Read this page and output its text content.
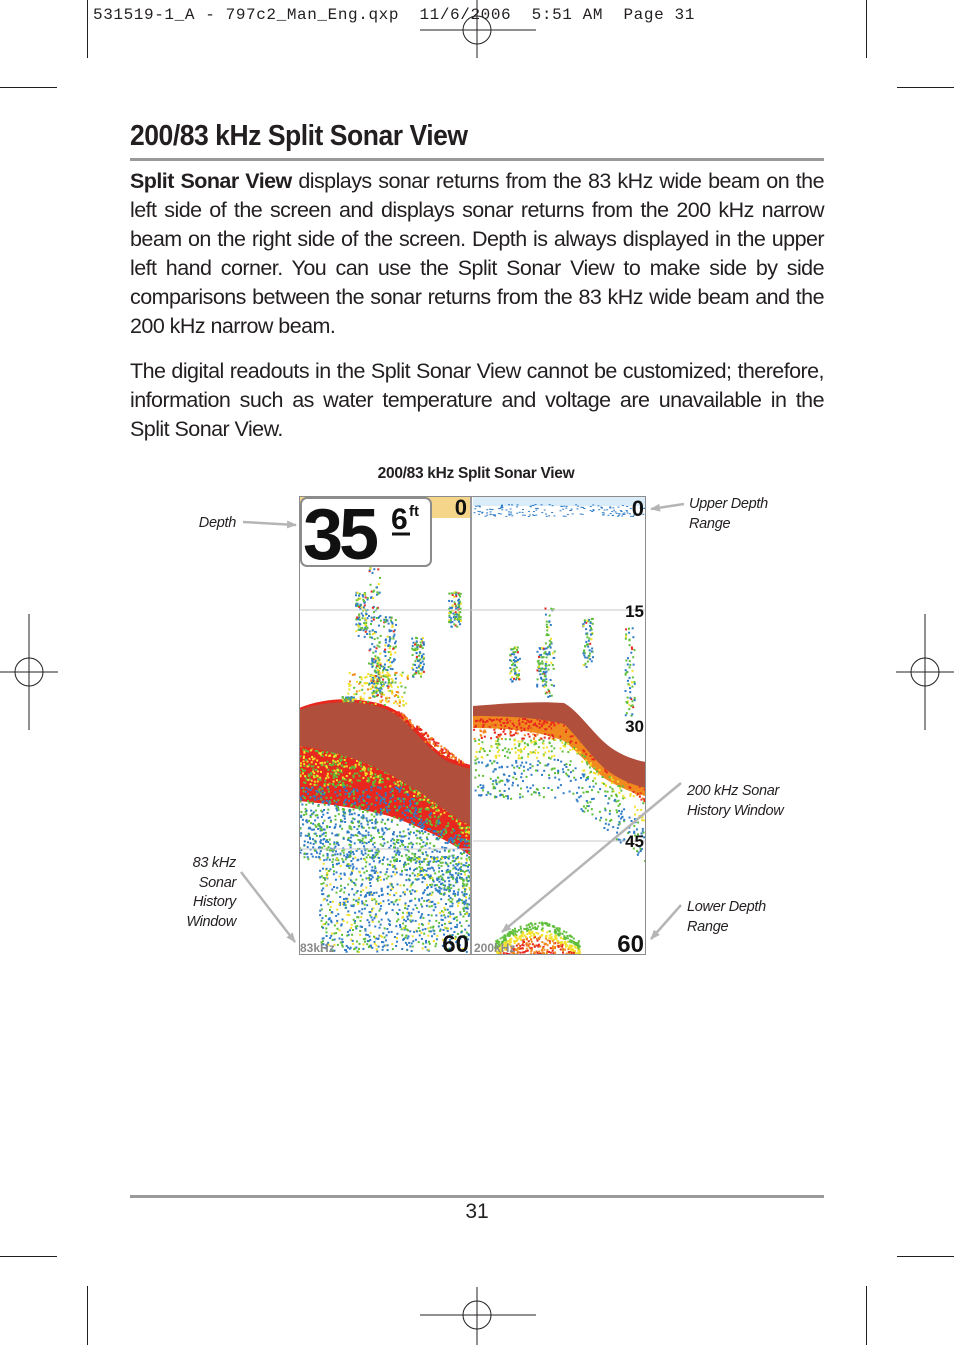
531519-1_A - 797c2_Man_Eng.qxp  11/6/2006  5:51 AM  Page 31
200/83 kHz Split Sonar View

Split Sonar View displays sonar returns from the 83 kHz wide beam on the left side of the screen and displays sonar returns from the 200 kHz narrow beam on the right side of the screen. Depth is always displayed in the upper left hand corner. You can use the Split Sonar View to make side by side comparisons between the sonar returns from the 83 kHz wide beam and the 200 kHz narrow beam.

The digital readouts in the Split Sonar View cannot be customized; therefore, information such as water temperature and voltage are unavailable in the Split Sonar View.

200/83 kHz Split Sonar View
35 6 ft 0	0
15
30
45
60	60
83kHz	200kHz
Depth
Upper Depth
Range
200 kHz Sonar
History Window
83 kHz
Sonar
History
Window
Lower Depth
Range
31
